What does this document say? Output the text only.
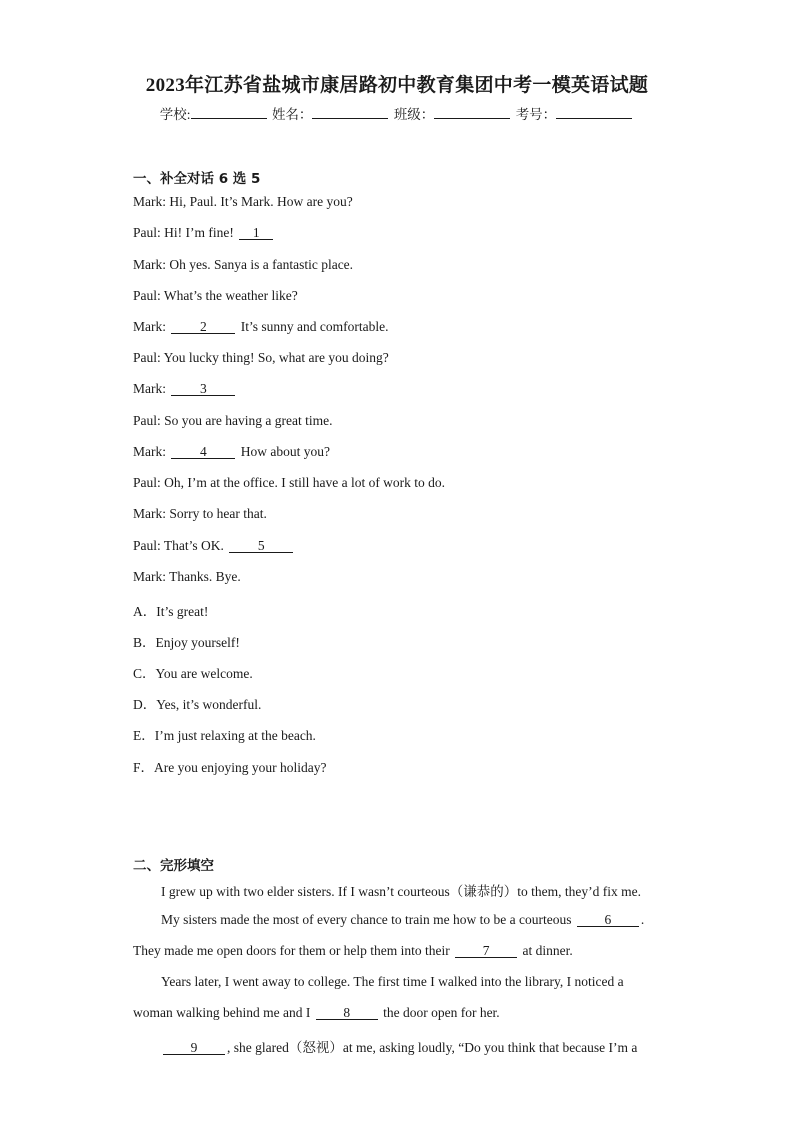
2023年江苏省盐城市康居路初中教育集团中考一模英语试题
学校:	姓名：	班级：	考号：
一、补全对话 6 选 5
Mark: Hi, Paul. It’s Mark. How are you?
Paul: Hi! I’m fine! 1
Mark: Oh yes. Sanya is a fantastic place.
Paul: What’s the weather like?
Mark: 2 It’s sunny and comfortable.
Paul: You lucky thing! So, what are you doing?
Mark: 3
Paul: So you are having a great time.
Mark: 4 How about you?
Paul: Oh, I’m at the office. I still have a lot of work to do.
Mark: Sorry to hear that.
Paul: That’s OK. 5
Mark: Thanks. Bye.
A．It’s great!
B．Enjoy yourself!
C．You are welcome.
D．Yes, it’s wonderful.
E．I’m just relaxing at the beach.
F．Are you enjoying your holiday?
二、完形填空
I grew up with two elder sisters. If I wasn’t courteous（谦恭的）to them, they’d fix me.
My sisters made the most of every chance to train me how to be a courteous 6 .
They made me open doors for them or help them into their 7 at dinner.
Years later, I went away to college. The first time I walked into the library, I noticed a
woman walking behind me and I 8 the door open for her.
9 , she glared（怒视）at me, asking loudly, “Do you think that because I’m a
